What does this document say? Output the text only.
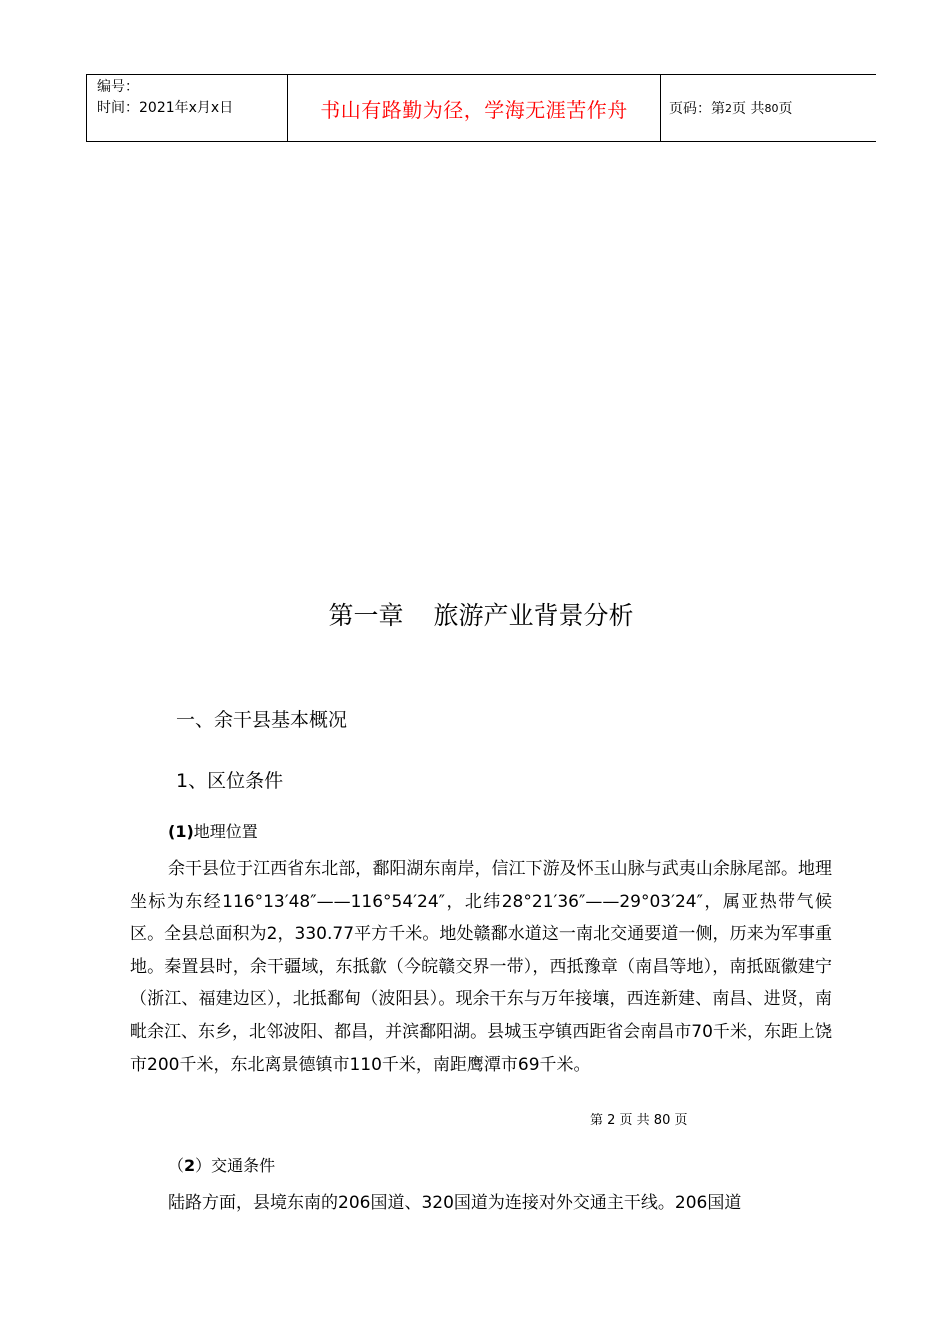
编号：
时间：2021年x月x日	书山有路勤为径，学海无涯苦作舟	页码：第 2 页 共 80 页
第一章 旅游产业背景分析
一、余干县基本概况
1、区位条件
(1)地理位置
余干县位于江西省东北部，鄱阳湖东南岸，信江下游及怀玉山脉与武夷山余脉尾部。地理坐标为东经116°13′48″——116°54′24″，北纬28°21′36″——29°03′24″，属亚热带气候区。全县总面积为2，330.77平方千米。地处赣鄱水道这一南北交通要道一侧，历来为军事重地。秦置县时，余干疆域，东抵歙（今皖赣交界一带），西抵豫章（南昌等地），南抵瓯徽建宁（浙江、福建边区），北抵鄱甸（波阳县）。现余干东与万年接壤，西连新建、南昌、进贤，南毗余江、东乡，北邻波阳、都昌，并滨鄱阳湖。县城玉亭镇西距省会南昌市70千米，东距上饶市200千米，东北离景德镇市110千米，南距鹰潭市69千米。
第 2 页 共 80 页
（2）交通条件
陆路方面，县境东南的206国道、320国道为连接对外交通主干线。206国道
